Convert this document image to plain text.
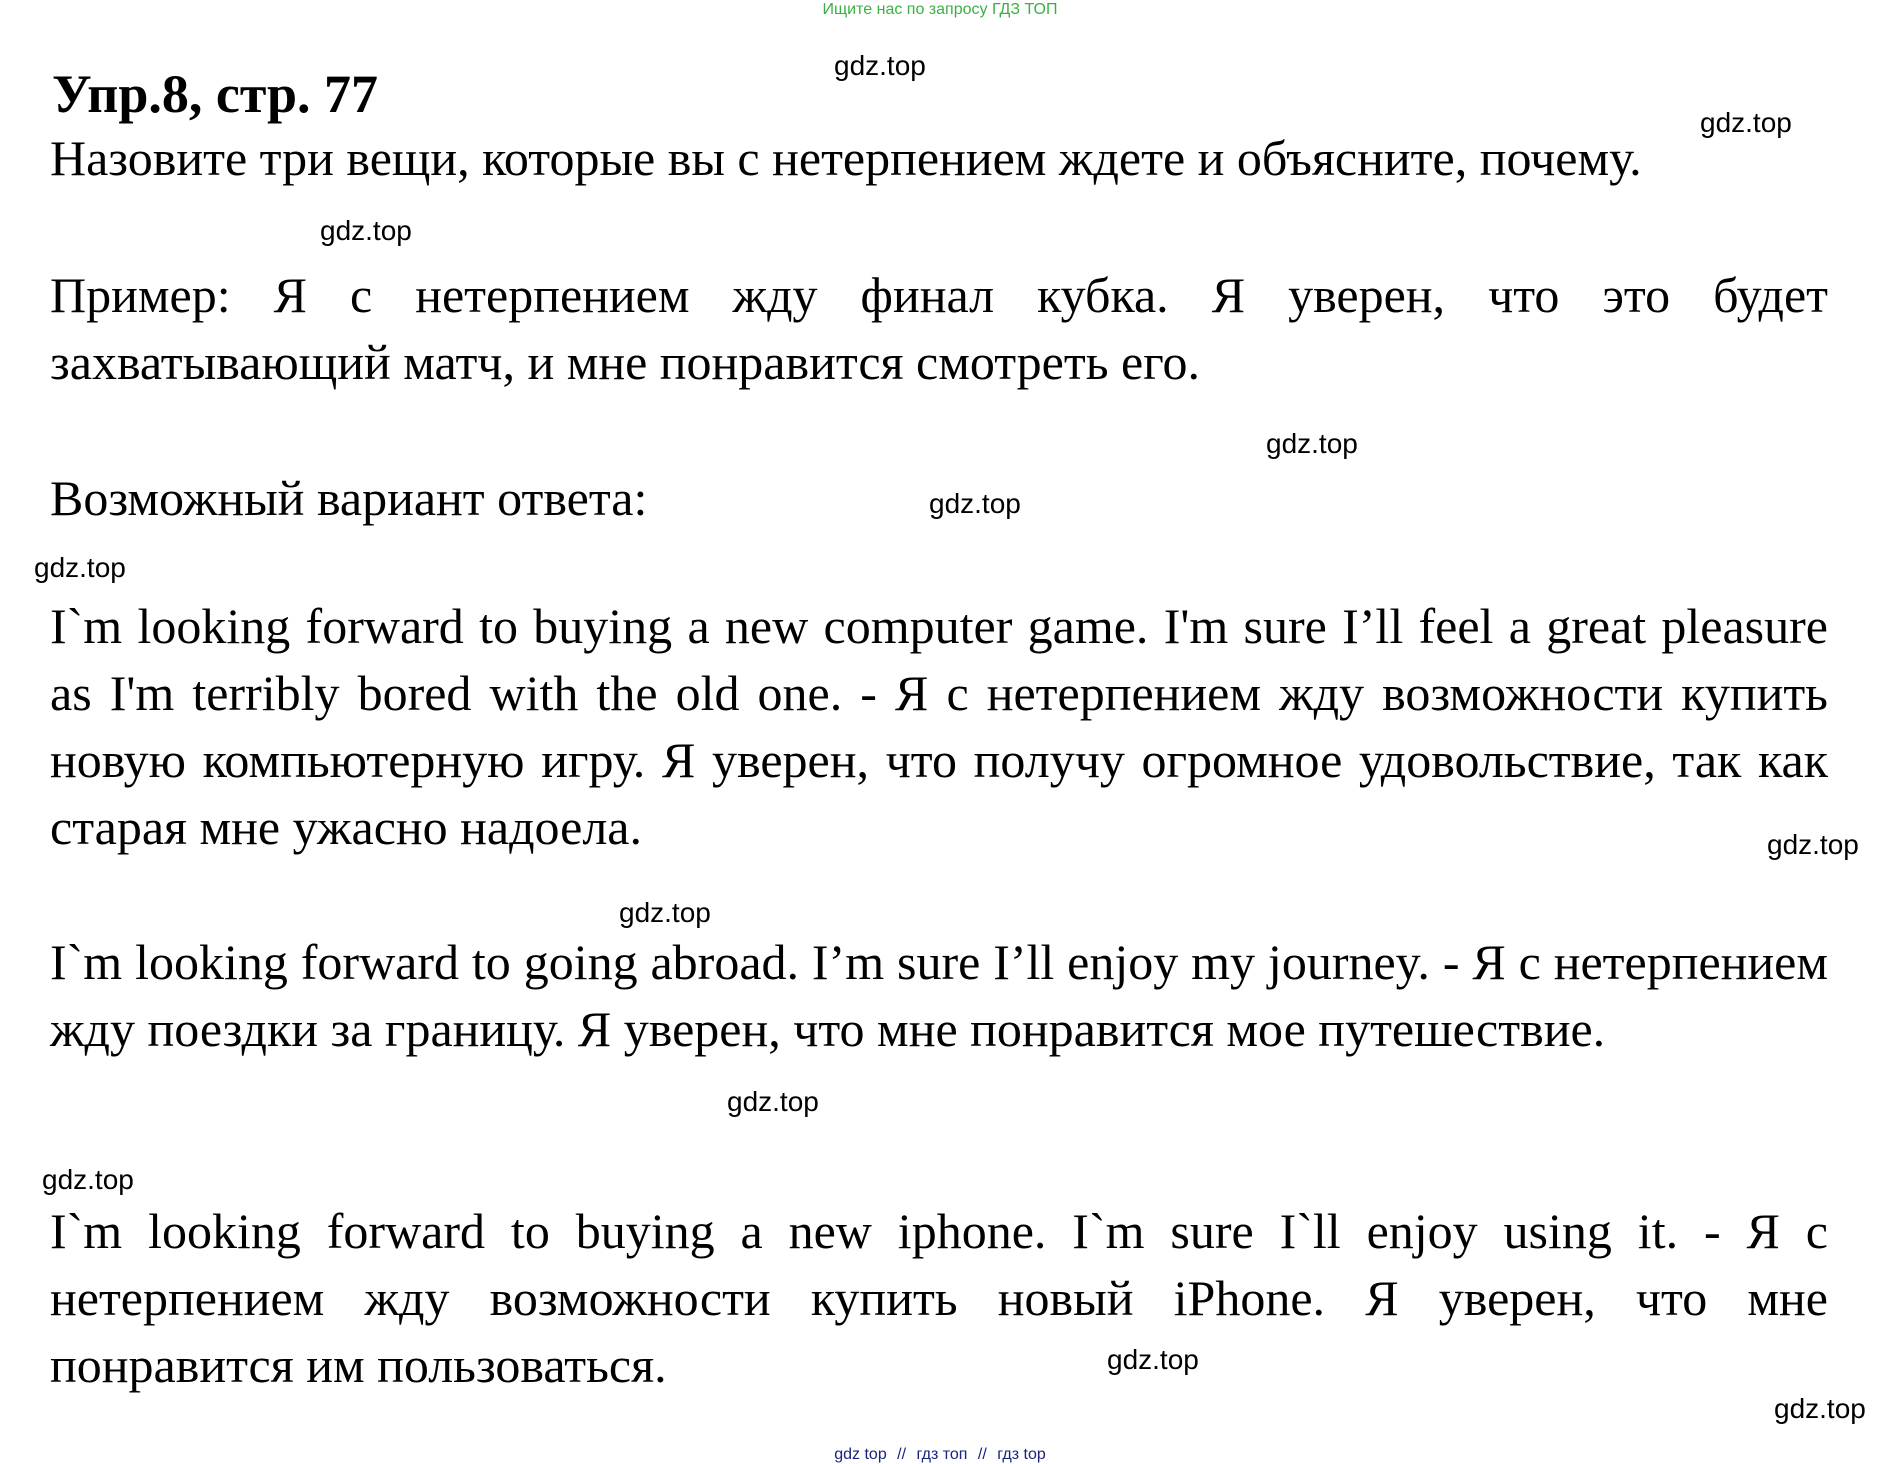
Ищите нас по запросу ГДЗ ТОП
Упр.8, стр. 77

Назовите три вещи, которые вы с нетерпением ждете и объясните, почему.

Пример: Я с нетерпением жду финал кубка. Я уверен, что это будет захватывающий матч, и мне понравится смотреть его.

Возможный вариант ответа:

I`m looking forward to buying a new computer game. I'm sure I’ll feel a great pleasure as I'm terribly bored with the old one. - Я с нетерпением жду возможности купить новую компьютерную игру. Я уверен, что получу огромное удовольствие, так как старая мне ужасно надоела.

I`m looking forward to going abroad. I’m sure I’ll enjoy my journey. - Я с нетерпением жду поездки за границу. Я уверен, что мне понравится мое путешествие.

I`m looking forward to buying a new iphone. I`m sure I`ll enjoy using it. - Я с нетерпением жду возможности купить новый iPhone. Я уверен, что мне понравится им пользоваться.

gdz.top
gdz.top
gdz.top
gdz.top
gdz.top
gdz.top
gdz.top
gdz.top
gdz.top
gdz.top
gdz.top
gdz.top
gdz top // гдз топ // гдз top
